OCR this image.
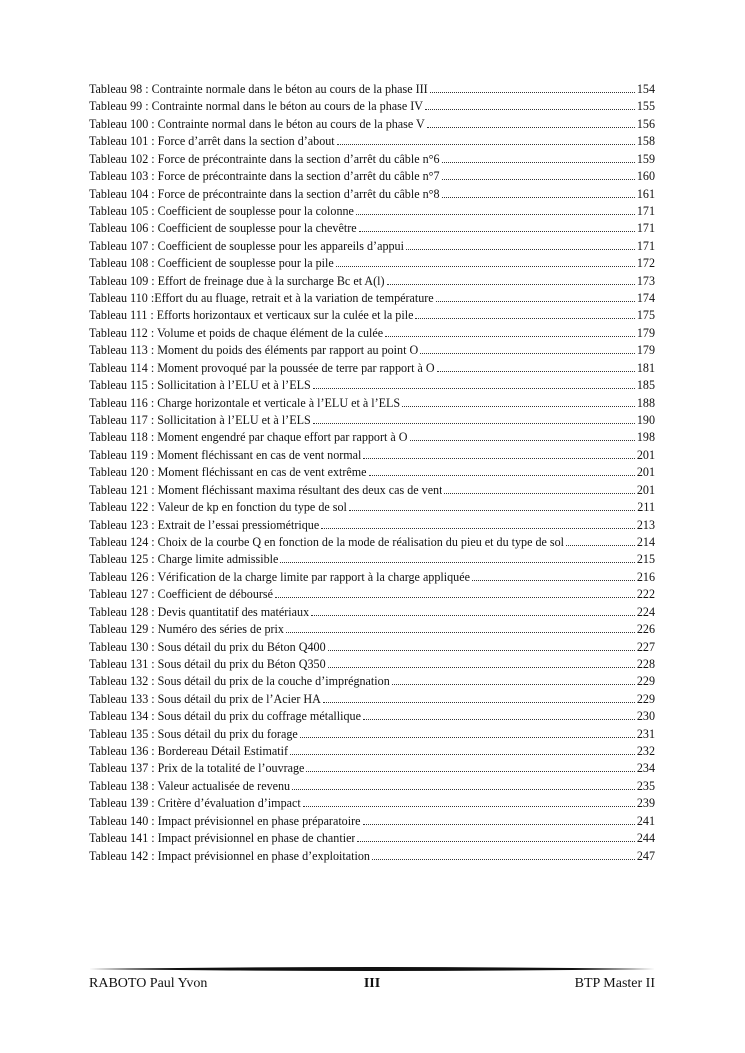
Tableau 98 : Contrainte normale dans le béton au cours de la phase III	154
Tableau 99 : Contrainte normal dans le béton au cours de la phase IV	155
Tableau 100 : Contrainte normal dans le béton au cours de la phase V	156
Tableau 101 : Force d’arrêt dans la section d’about	158
Tableau 102 : Force de précontrainte dans la section d’arrêt du câble n°6	159
Tableau 103 : Force de précontrainte dans la section d’arrêt du câble n°7	160
Tableau 104 : Force de précontrainte dans la section d’arrêt du câble n°8	161
Tableau 105 : Coefficient de souplesse pour la colonne	171
Tableau 106 : Coefficient de souplesse pour la chevêtre	171
Tableau 107 : Coefficient de souplesse pour les appareils d’appui	171
Tableau 108 : Coefficient de souplesse pour la pile	172
Tableau 109 : Effort de freinage due à la surcharge Bc et A(l)	173
Tableau 110 :Effort du au fluage, retrait et à la variation de température	174
Tableau 111 : Efforts horizontaux et verticaux sur la culée et la pile	175
Tableau 112 : Volume et poids de chaque élément de la culée	179
Tableau 113 : Moment du poids des éléments par rapport au point O	179
Tableau 114 : Moment provoqué par la poussée de terre par rapport à O	181
Tableau 115 : Sollicitation à l’ELU et à l’ELS	185
Tableau 116 : Charge horizontale et verticale à l’ELU et à l’ELS	188
Tableau 117 : Sollicitation à l’ELU et à l’ELS	190
Tableau 118 : Moment engendré par chaque effort par rapport à O	198
Tableau 119 : Moment fléchissant en cas de vent normal	201
Tableau 120 : Moment fléchissant en cas de vent extrême	201
Tableau 121 : Moment fléchissant maxima résultant des deux cas de vent	201
Tableau 122 : Valeur de kp en fonction du type de sol	211
Tableau 123 : Extrait de l’essai pressiométrique	213
Tableau 124 : Choix de la courbe Q en fonction de la mode de réalisation du pieu et du type de sol	214
Tableau 125 : Charge limite admissible	215
Tableau 126 : Vérification de la charge limite par rapport à la charge appliquée	216
Tableau 127 : Coefficient de déboursé	222
Tableau 128 : Devis quantitatif des matériaux	224
Tableau 129 : Numéro des séries de prix	226
Tableau 130 : Sous détail du prix du Béton Q400	227
Tableau 131 : Sous détail du prix du Béton Q350	228
Tableau 132 : Sous détail du prix de la couche d’imprégnation	229
Tableau 133 : Sous détail du prix de l’Acier HA	229
Tableau 134 : Sous détail du prix du coffrage métallique	230
Tableau 135 : Sous détail du prix du forage	231
Tableau 136 : Bordereau Détail Estimatif	232
Tableau 137 : Prix de la totalité de l’ouvrage	234
Tableau 138 : Valeur actualisée de revenu	235
Tableau 139 : Critère d’évaluation d’impact	239
Tableau 140 : Impact prévisionnel en phase préparatoire	241
Tableau 141 : Impact prévisionnel en phase de chantier	244
Tableau 142 : Impact prévisionnel en phase d’exploitation	247
RABOTO Paul Yvon	III	BTP Master II
